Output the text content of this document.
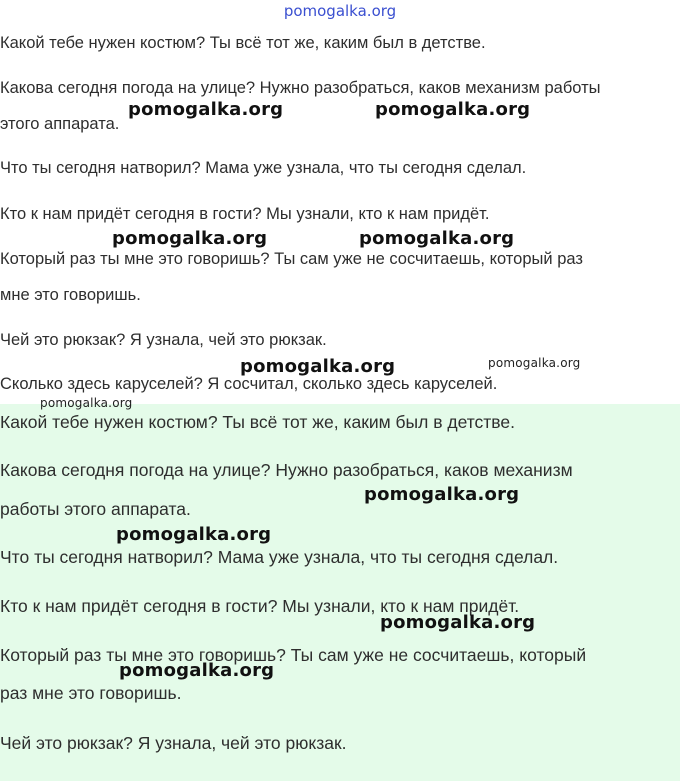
pomogalka.org
Какой тебе нужен костюм? Ты всё тот же, каким был в детстве.
Какова сегодня погода на улице? Нужно разобраться, каков механизм работы
этого аппарата.
Что ты сегодня натворил? Мама уже узнала, что ты сегодня сделал.
Кто к нам придёт сегодня в гости? Мы узнали, кто к нам придёт.
Который раз ты мне это говоришь? Ты сам уже не сосчитаешь, который раз
мне это говоришь.
Чей это рюкзак? Я узнала, чей это рюкзак.
Сколько здесь каруселей? Я сосчитал, сколько здесь каруселей.
Какой тебе нужен костюм? Ты всё тот же, каким был в детстве.
Какова сегодня погода на улице? Нужно разобраться, каков механизм
работы этого аппарата.
Что ты сегодня натворил? Мама уже узнала, что ты сегодня сделал.
Кто к нам придёт сегодня в гости? Мы узнали, кто к нам придёт.
Который раз ты мне это говоришь? Ты сам уже не сосчитаешь, который
раз мне это говоришь.
Чей это рюкзак? Я узнала, чей это рюкзак.
pomogalka.org	pomogalka.org
pomogalka.org	pomogalka.org
pomogalka.org	pomogalka.org
pomogalka.org
pomogalka.org
pomogalka.org
pomogalka.org
pomogalka.org
